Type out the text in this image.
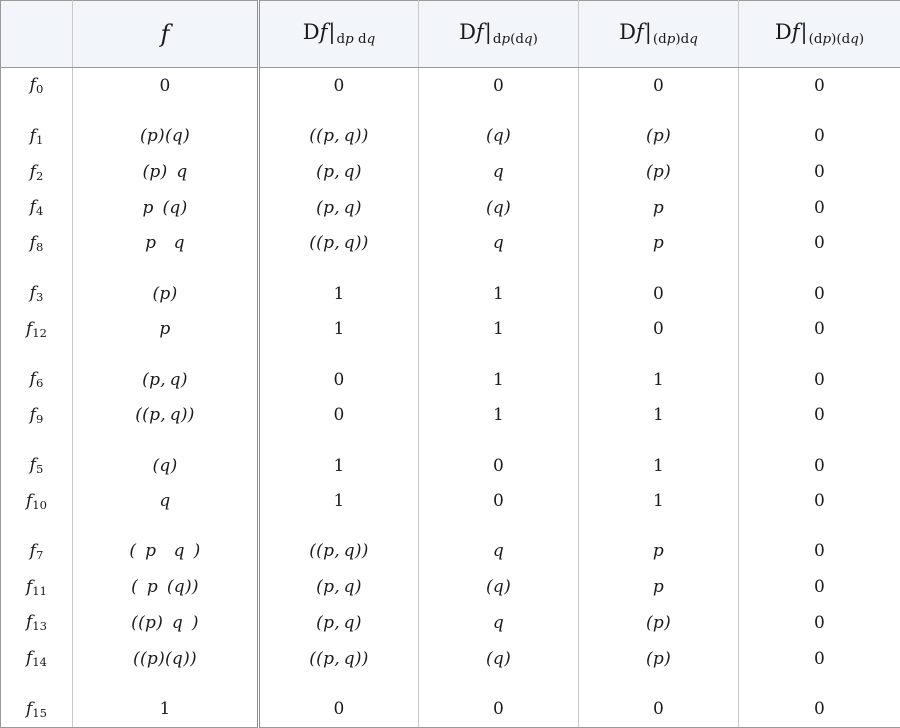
	f	Df|dp dq	Df|dp(dq)	Df|(dp)dq	Df|(dp)(dq)
$f_0$	0	0	0	0	0

$f_1$	(p)(q)	((p, q))	(q)	(p)	0
$f_2$	(p) q	(p, q)	q	(p)	0
$f_4$	p (q)	(p, q)	(q)	p	0
$f_8$	p q	((p, q))	q	p	0

$f_3$	(p)	1	1	0	0
$f_{12}$	p	1	1	0	0

$f_6$	(p, q)	0	1	1	0
$f_9$	((p, q))	0	1	1	0

$f_5$	(q)	1	0	1	0
$f_{10}$	q	1	0	1	0

$f_7$	( p q )	((p, q))	q	p	0
$f_{11}$	( p (q))	(p, q)	(q)	p	0
$f_{13}$	((p) q )	(p, q)	q	(p)	0
$f_{14}$	((p)(q))	((p, q))	(q)	(p)	0

$f_{15}$	1	0	0	0	0
